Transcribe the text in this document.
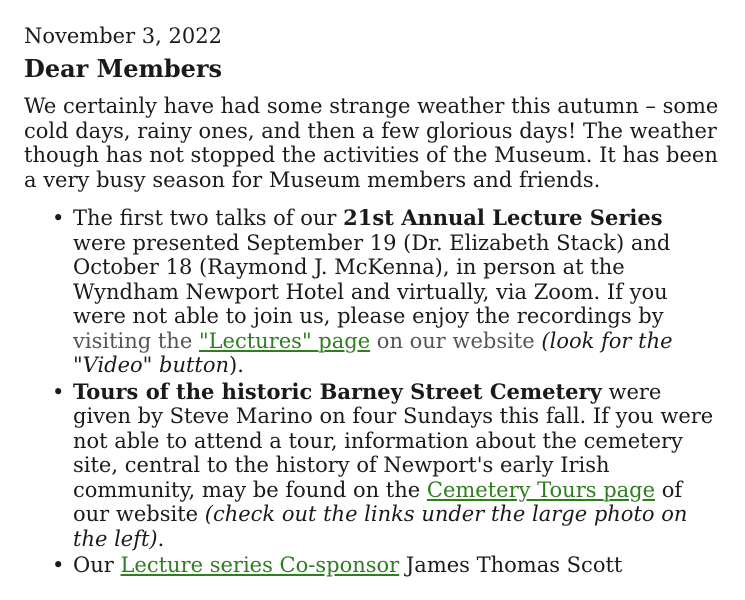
November 3, 2022

Dear Members

We certainly have had some strange weather this autumn – some cold days, rainy ones, and then a few glorious days! The weather though has not stopped the activities of the Museum. It has been a very busy season for Museum members and friends.

• The first two talks of our 21st Annual Lecture Series were presented September 19 (Dr. Elizabeth Stack) and October 18 (Raymond J. McKenna), in person at the Wyndham Newport Hotel and virtually, via Zoom. If you were not able to join us, please enjoy the recordings by visiting the "Lectures" page on our website (look for the "Video" button).
• Tours of the historic Barney Street Cemetery were given by Steve Marino on four Sundays this fall. If you were not able to attend a tour, information about the cemetery site, central to the history of Newport's early Irish community, may be found on the Cemetery Tours page of our website (check out the links under the large photo on the left).
• Our Lecture series Co-sponsor James Thomas Scott
